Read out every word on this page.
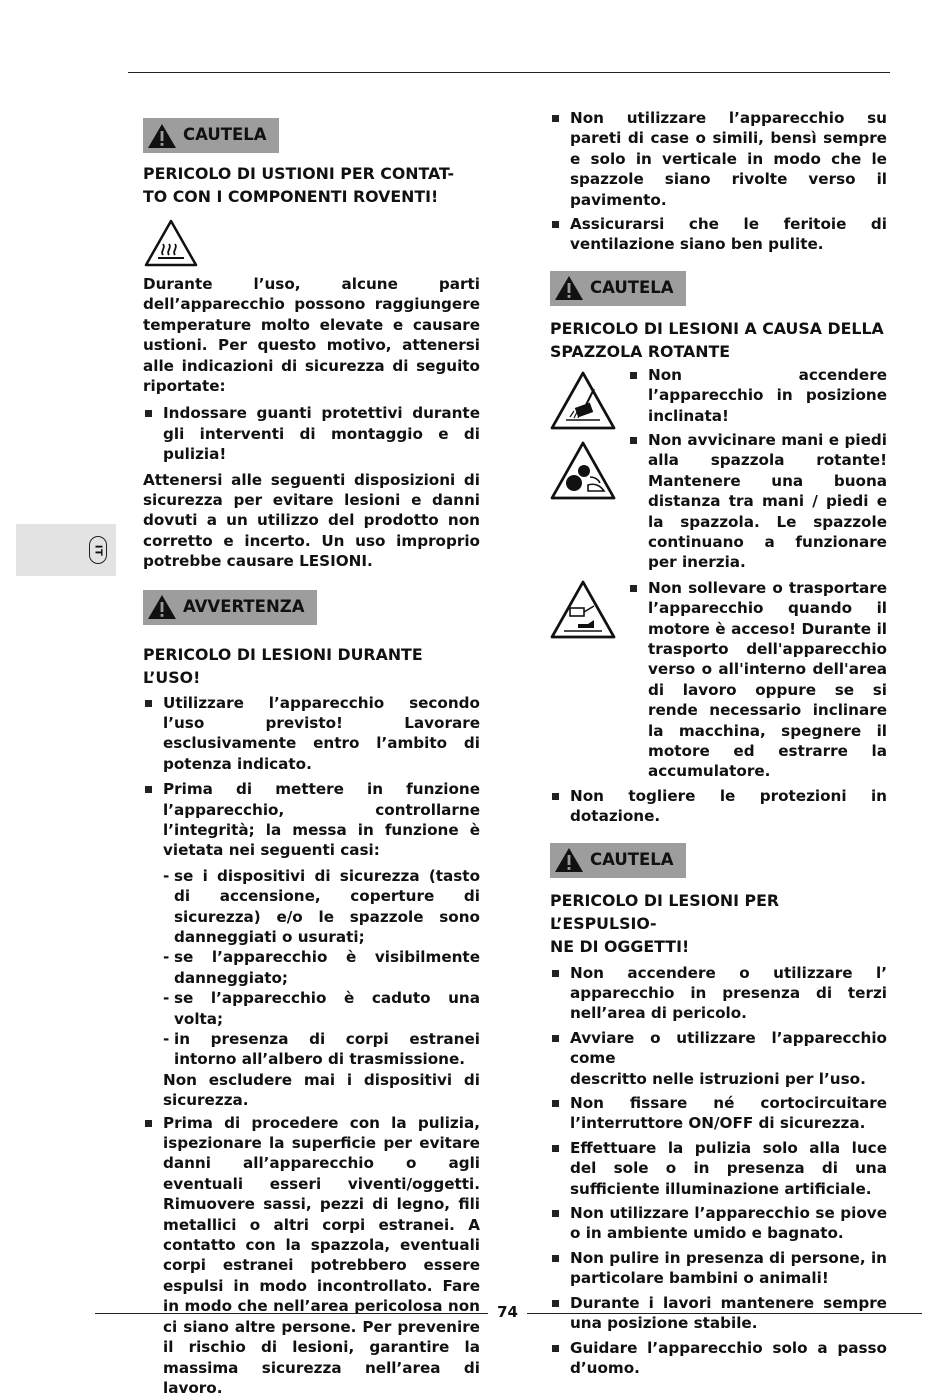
IT
CAUTELA

PERICOLO DI USTIONI PER CONTAT-

TO CON I COMPONENTI ROVENTI!

Durante l’uso, alcune parti dell’apparecchio possono raggiungere temperature molto elevate e causare ustioni. Per questo motivo, attenersi alle indicazioni di sicurezza di seguito riportate:

Indossare guanti protettivi durante gli interventi di montaggio e di pulizia!

Attenersi alle seguenti disposizioni di sicurezza per evitare lesioni e danni dovuti a un utilizzo del prodotto non corretto e incerto. Un uso improprio potrebbe causare LESIONI.

AVVERTENZA

PERICOLO DI LESIONI DURANTE L’USO!

Utilizzare l’apparecchio secondo l’uso previsto! Lavorare esclusivamente entro l’ambito di potenza indicato.
Prima di mettere in funzione l’apparecchio, controllarne l’integrità; la messa in funzione è vietata nei seguenti casi:
- se i dispositivi di sicurezza (tasto di accensione, coperture di sicurezza) e/o le spazzole sono danneggiati o usurati;
- se l’apparecchio è visibilmente danneggiato;
- se l’apparecchio è caduto una volta;
- in presenza di corpi estranei intorno all’albero di trasmissione.
Non escludere mai i dispositivi di sicurezza.
Prima di procedere con la pulizia, ispezionare la superficie per evitare danni all’apparecchio o agli eventuali esseri viventi/oggetti. Rimuovere sassi, pezzi di legno, fili metallici o altri corpi estranei. A contatto con la spazzola, eventuali corpi estranei potrebbero essere espulsi in modo incontrollato. Fare in modo che nell’area pericolosa non ci siano altre persone. Per prevenire il rischio di lesioni, garantire la massima sicurezza nell’area di lavoro.
Non utilizzare l’apparecchio su pareti di case o simili, bensì sempre e solo in verticale in modo che le spazzole siano rivolte verso il pavimento.
Assicurarsi che le feritoie di ventilazione siano ben pulite.
CAUTELA

PERICOLO DI LESIONI A CAUSA DELLA

SPAZZOLA ROTANTE

Non accendere l’apparecchio in posizione inclinata!
Non avvicinare mani e piedi alla spazzola rotante! Mantenere una buona distanza tra mani / piedi e la spazzola. Le spazzole continuano a funzionare per inerzia.
Non sollevare o trasportare l’apparecchio quando il motore è acceso! Durante il trasporto dell'apparecchio verso o all'interno dell'area di lavoro oppure se si rende necessario inclinare la macchina, spegnere il motore ed estrarre la accumulatore.
Non togliere le protezioni in dotazione.
CAUTELA

PERICOLO DI LESIONI PER L’ESPULSIO-

NE DI OGGETTI!

Non accendere o utilizzare l’ apparecchio in presenza di terzi nell’area di pericolo.
Avviare o utilizzare l’apparecchio come
descritto nelle istruzioni per l’uso.
Non fissare né cortocircuitare l’interruttore ON/OFF di sicurezza.
Effettuare la pulizia solo alla luce del sole o in presenza di una sufficiente illuminazione artificiale.
Non utilizzare l’apparecchio se piove o in ambiente umido e bagnato.
Non pulire in presenza di persone, in particolare bambini o animali!
Durante i lavori mantenere sempre una posizione stabile.
Guidare l’apparecchio solo a passo d’uomo.
74
